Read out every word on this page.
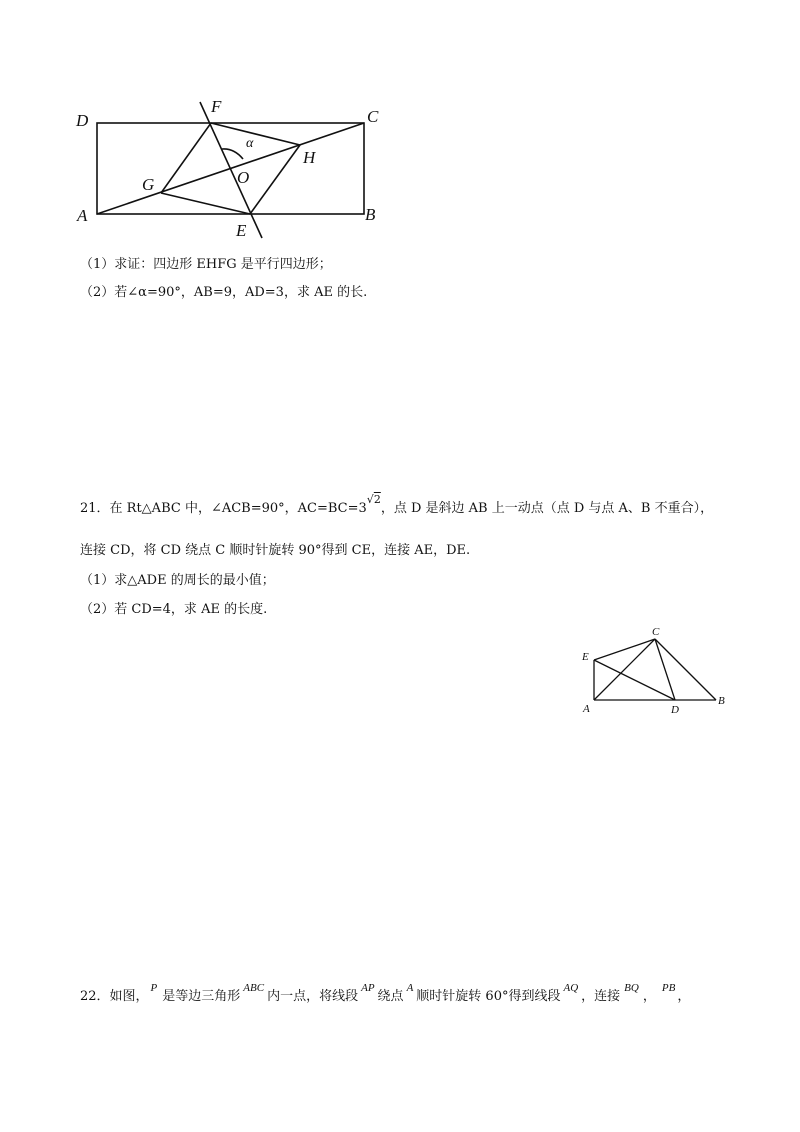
D
F
C
α
H
G	O
A
E
B
（1）求证：四边形 EHFG 是平行四边形；
（2）若∠α=90°，AB=9，AD=3，求 AE 的长.
21．在 Rt△ABC 中，∠ACB=90°，$AC=BC=3^{√2}$，点 D 是斜边 AB 上一动点（点 D 与点 A、B 不重合），
连接 CD，将 CD 绕点 C 顺时针旋转 90°得到 CE，连接 AE，DE.
（1）求△ADE 的周长的最小值；
（2）若 CD=4，求 AE 的长度.
C
E
A	D
B
22．如图，$^P$是等边三角形$^{ABC}$内一点，将线段$^{AP}$绕点$^A$顺时针旋转 60°得到线段$^{AQ}$，连接$^{BQ}$，$^{PB}$，
